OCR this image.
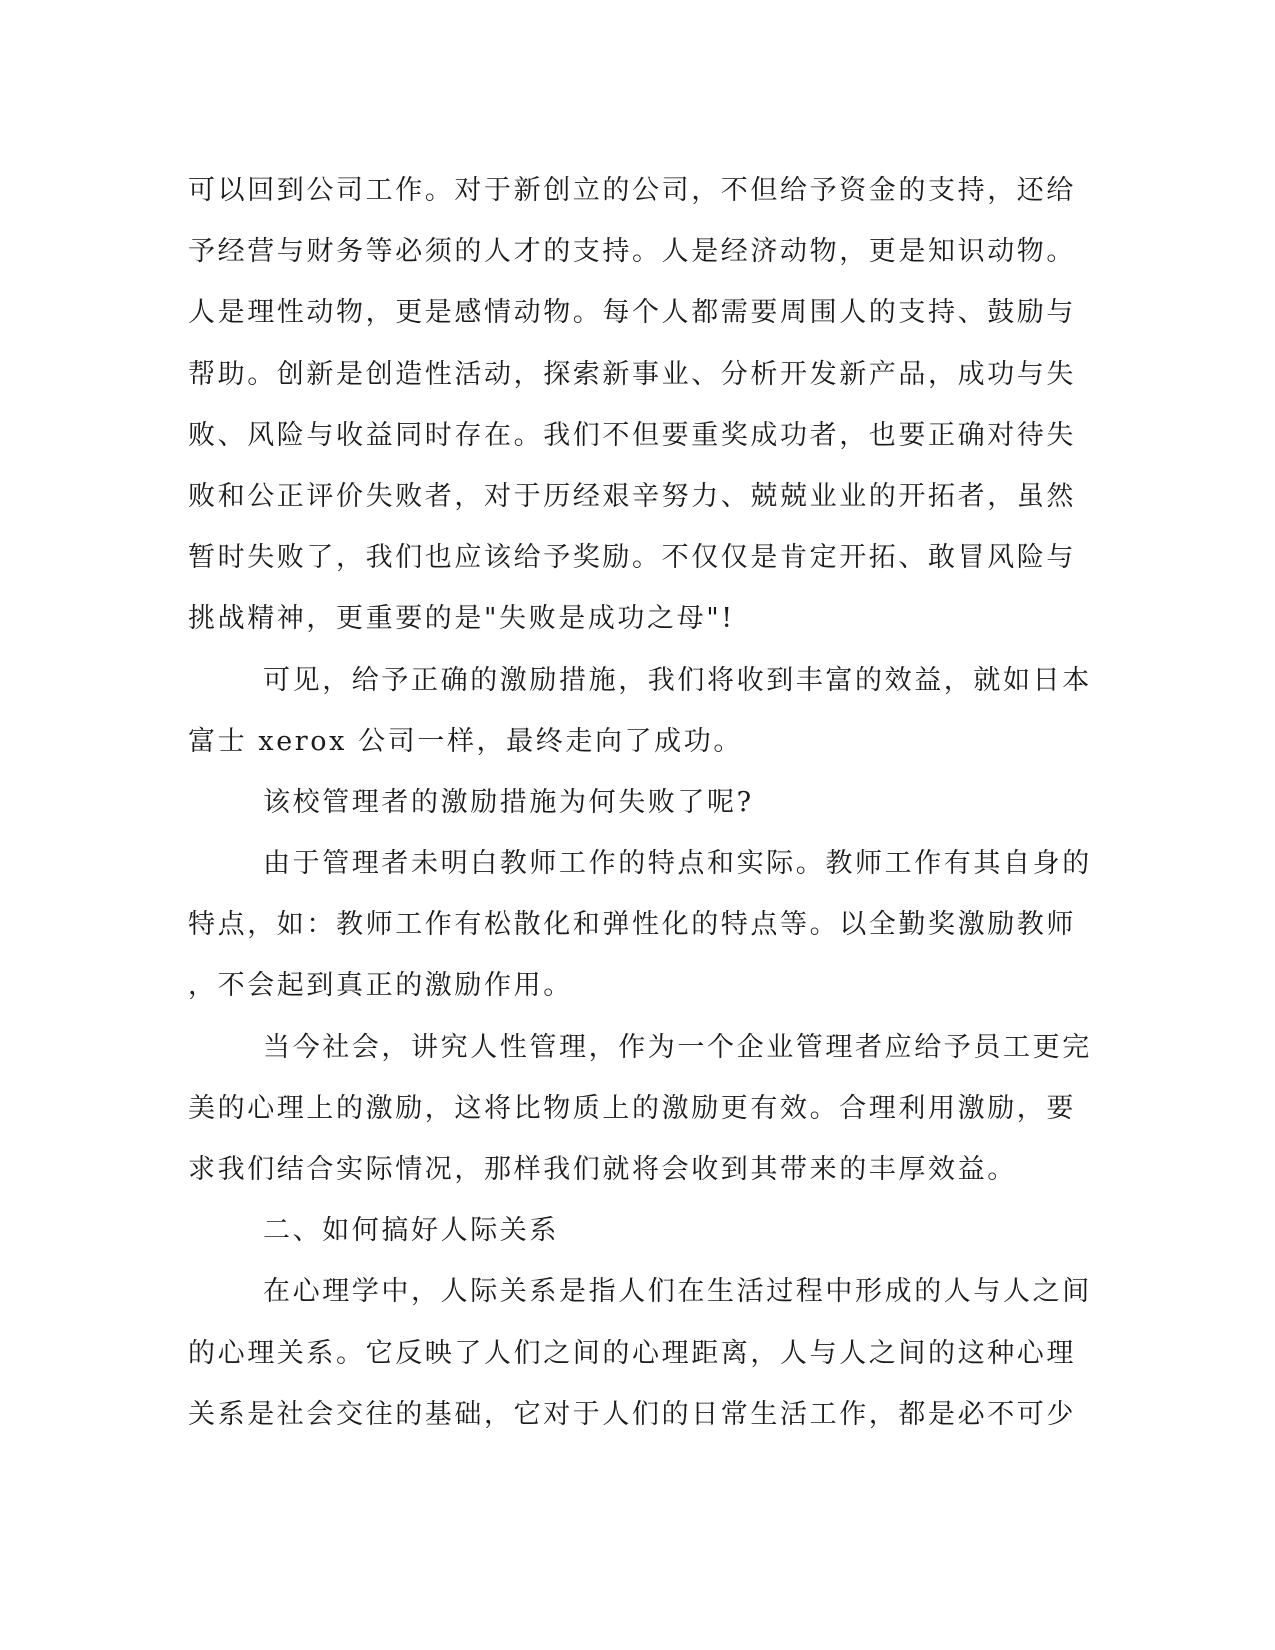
可以回到公司工作。对于新创立的公司，不但给予资金的支持，还给
予经营与财务等必须的人才的支持。人是经济动物，更是知识动物。
人是理性动物，更是感情动物。每个人都需要周围人的支持、鼓励与
帮助。创新是创造性活动，探索新事业、分析开发新产品，成功与失
败、风险与收益同时存在。我们不但要重奖成功者，也要正确对待失
败和公正评价失败者，对于历经艰辛努力、兢兢业业的开拓者，虽然
暂时失败了，我们也应该给予奖励。不仅仅是肯定开拓、敢冒风险与
挑战精神，更重要的是"失败是成功之母"!
可见，给予正确的激励措施，我们将收到丰富的效益，就如日本
富士 xerox 公司一样，最终走向了成功。
该校管理者的激励措施为何失败了呢?
由于管理者未明白教师工作的特点和实际。教师工作有其自身的
特点，如：教师工作有松散化和弹性化的特点等。以全勤奖激励教师
，不会起到真正的激励作用。
当今社会，讲究人性管理，作为一个企业管理者应给予员工更完
美的心理上的激励，这将比物质上的激励更有效。合理利用激励，要
求我们结合实际情况，那样我们就将会收到其带来的丰厚效益。
二、如何搞好人际关系
在心理学中，人际关系是指人们在生活过程中形成的人与人之间
的心理关系。它反映了人们之间的心理距离，人与人之间的这种心理
关系是社会交往的基础，它对于人们的日常生活工作，都是必不可少
